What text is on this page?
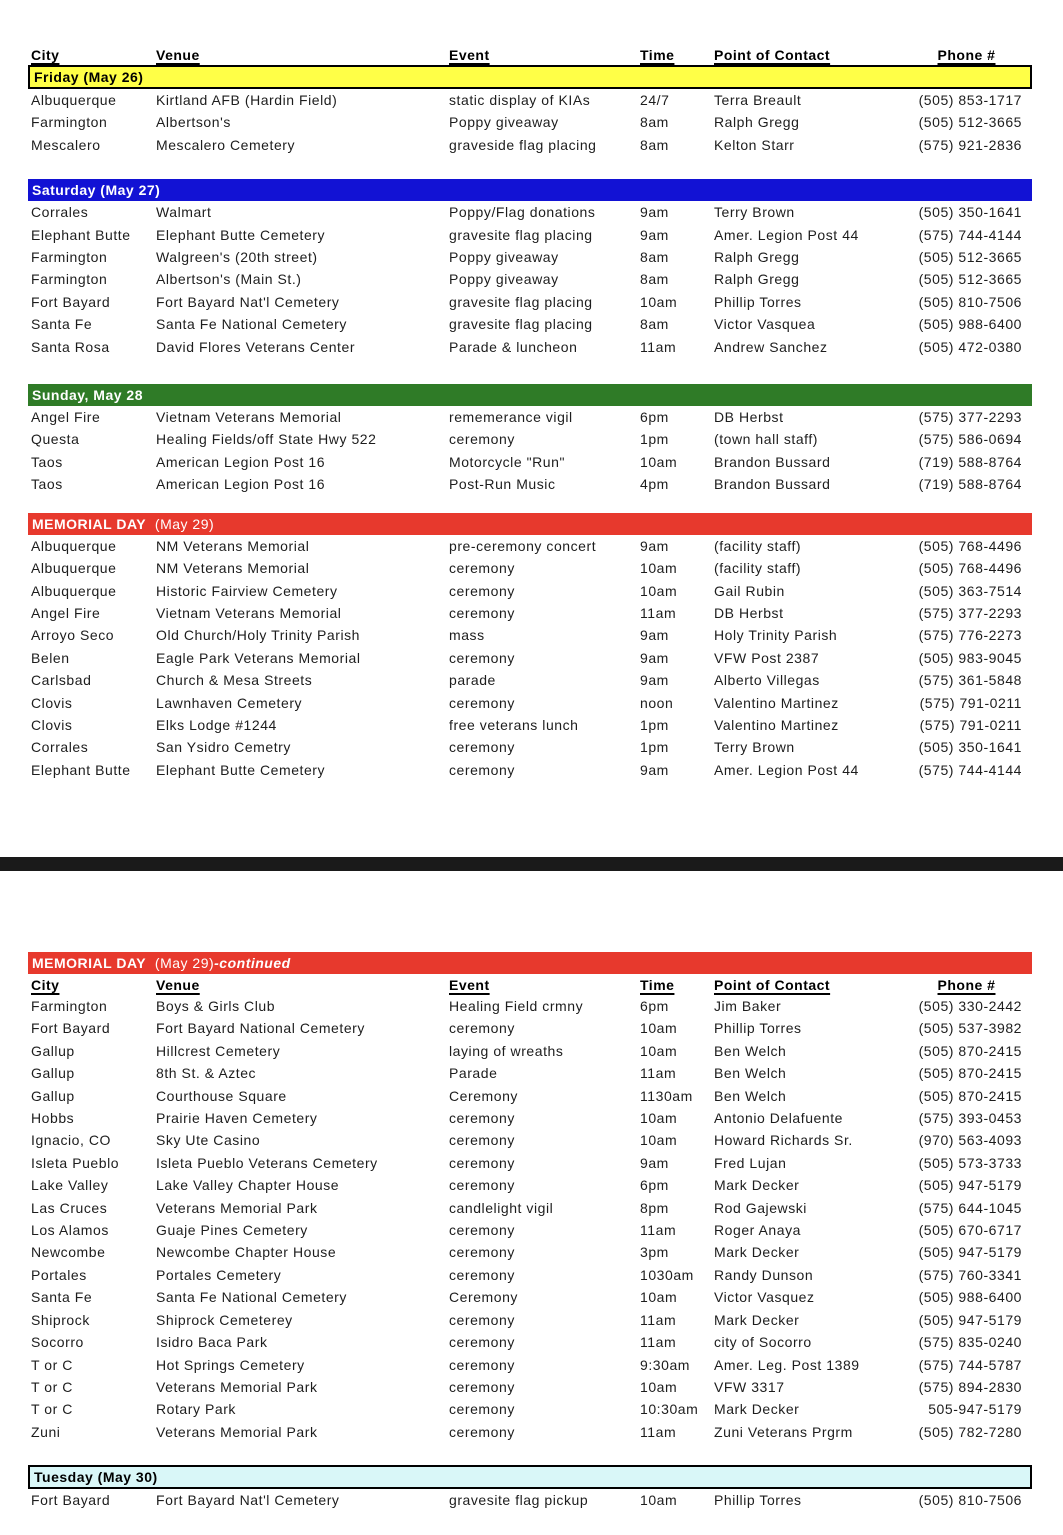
City	Venue	Event	Time	Point of Contact	Phone #
Friday (May 26)
Albuquerque	Kirtland AFB (Hardin Field)	static display of KIAs	24/7	Terra Breault	(505) 853-1717
Farmington	Albertson's	Poppy giveaway	8am	Ralph Gregg	(505) 512-3665
Mescalero	Mescalero Cemetery	graveside flag placing	8am	Kelton Starr	(575) 921-2836
Saturday (May 27)
Corrales	Walmart	Poppy/Flag donations	9am	Terry Brown	(505) 350-1641
Elephant Butte	Elephant Butte Cemetery	gravesite flag placing	9am	Amer. Legion Post 44	(575) 744-4144
Farmington	Walgreen's (20th street)	Poppy giveaway	8am	Ralph Gregg	(505) 512-3665
Farmington	Albertson's (Main St.)	Poppy giveaway	8am	Ralph Gregg	(505) 512-3665
Fort Bayard	Fort Bayard Nat'l Cemetery	gravesite flag placing	10am	Phillip Torres	(505) 810-7506
Santa Fe	Santa Fe National Cemetery	gravesite flag placing	8am	Victor Vasquea	(505) 988-6400
Santa Rosa	David Flores Veterans Center	Parade & luncheon	11am	Andrew Sanchez	(505) 472-0380
Sunday, May 28
Angel Fire	Vietnam Veterans Memorial	rememerance vigil	6pm	DB Herbst	(575) 377-2293
Questa	Healing Fields/off State Hwy 522	ceremony	1pm	(town hall staff)	(575) 586-0694
Taos	American Legion Post 16	Motorcycle "Run"	10am	Brandon Bussard	(719) 588-8764
Taos	American Legion Post 16	Post-Run Music	4pm	Brandon Bussard	(719) 588-8764
MEMORIAL DAY  (May 29)
Albuquerque	NM Veterans Memorial	pre-ceremony concert	9am	(facility staff)	(505) 768-4496
Albuquerque	NM Veterans Memorial	ceremony	10am	(facility staff)	(505) 768-4496
Albuquerque	Historic Fairview Cemetery	ceremony	10am	Gail Rubin	(505) 363-7514
Angel Fire	Vietnam Veterans Memorial	ceremony	11am	DB Herbst	(575) 377-2293
Arroyo Seco	Old Church/Holy Trinity Parish	mass	9am	Holy Trinity Parish	(575) 776-2273
Belen	Eagle Park Veterans Memorial	ceremony	9am	VFW Post 2387	(505) 983-9045
Carlsbad	Church & Mesa Streets	parade	9am	Alberto Villegas	(575) 361-5848
Clovis	Lawnhaven Cemetery	ceremony	noon	Valentino Martinez	(575) 791-0211
Clovis	Elks Lodge #1244	free veterans lunch	1pm	Valentino Martinez	(575) 791-0211
Corrales	San Ysidro Cemetry	ceremony	1pm	Terry Brown	(505) 350-1641
Elephant Butte	Elephant Butte Cemetery	ceremony	9am	Amer. Legion Post 44	(575) 744-4144
MEMORIAL DAY  (May 29)-continued
City	Venue	Event	Time	Point of Contact	Phone #
Farmington	Boys & Girls Club	Healing Field crmny	6pm	Jim Baker	(505) 330-2442
Fort Bayard	Fort Bayard National Cemetery	ceremony	10am	Phillip Torres	(505) 537-3982
Gallup	Hillcrest Cemetery	laying of wreaths	10am	Ben Welch	(505) 870-2415
Gallup	8th St. & Aztec	Parade	11am	Ben Welch	(505) 870-2415
Gallup	Courthouse Square	Ceremony	1130am	Ben Welch	(505) 870-2415
Hobbs	Prairie Haven Cemetery	ceremony	10am	Antonio Delafuente	(575) 393-0453
Ignacio, CO	Sky Ute Casino	ceremony	10am	Howard Richards Sr.	(970) 563-4093
Isleta Pueblo	Isleta Pueblo Veterans Cemetery	ceremony	9am	Fred Lujan	(505) 573-3733
Lake Valley	Lake Valley Chapter House	ceremony	6pm	Mark Decker	(505) 947-5179
Las Cruces	Veterans Memorial Park	candlelight vigil	8pm	Rod Gajewski	(575) 644-1045
Los Alamos	Guaje Pines Cemetery	ceremony	11am	Roger Anaya	(505) 670-6717
Newcombe	Newcombe Chapter House	ceremony	3pm	Mark Decker	(505) 947-5179
Portales	Portales Cemetery	ceremony	1030am	Randy Dunson	(575) 760-3341
Santa Fe	Santa Fe National Cemetery	Ceremony	10am	Victor Vasquez	(505) 988-6400
Shiprock	Shiprock Cemeterey	ceremony	11am	Mark Decker	(505) 947-5179
Socorro	Isidro Baca Park	ceremony	11am	city of Socorro	(575) 835-0240
T or C	Hot Springs Cemetery	ceremony	9:30am	Amer. Leg. Post 1389	(575) 744-5787
T or C	Veterans Memorial Park	ceremony	10am	VFW 3317	(575) 894-2830
T or C	Rotary Park	ceremony	10:30am	Mark Decker	505-947-5179
Zuni	Veterans Memorial Park	ceremony	11am	Zuni Veterans Prgrm	(505) 782-7280
Tuesday (May 30)
Fort Bayard	Fort Bayard Nat'l Cemetery	gravesite flag pickup	10am	Phillip Torres	(505) 810-7506
